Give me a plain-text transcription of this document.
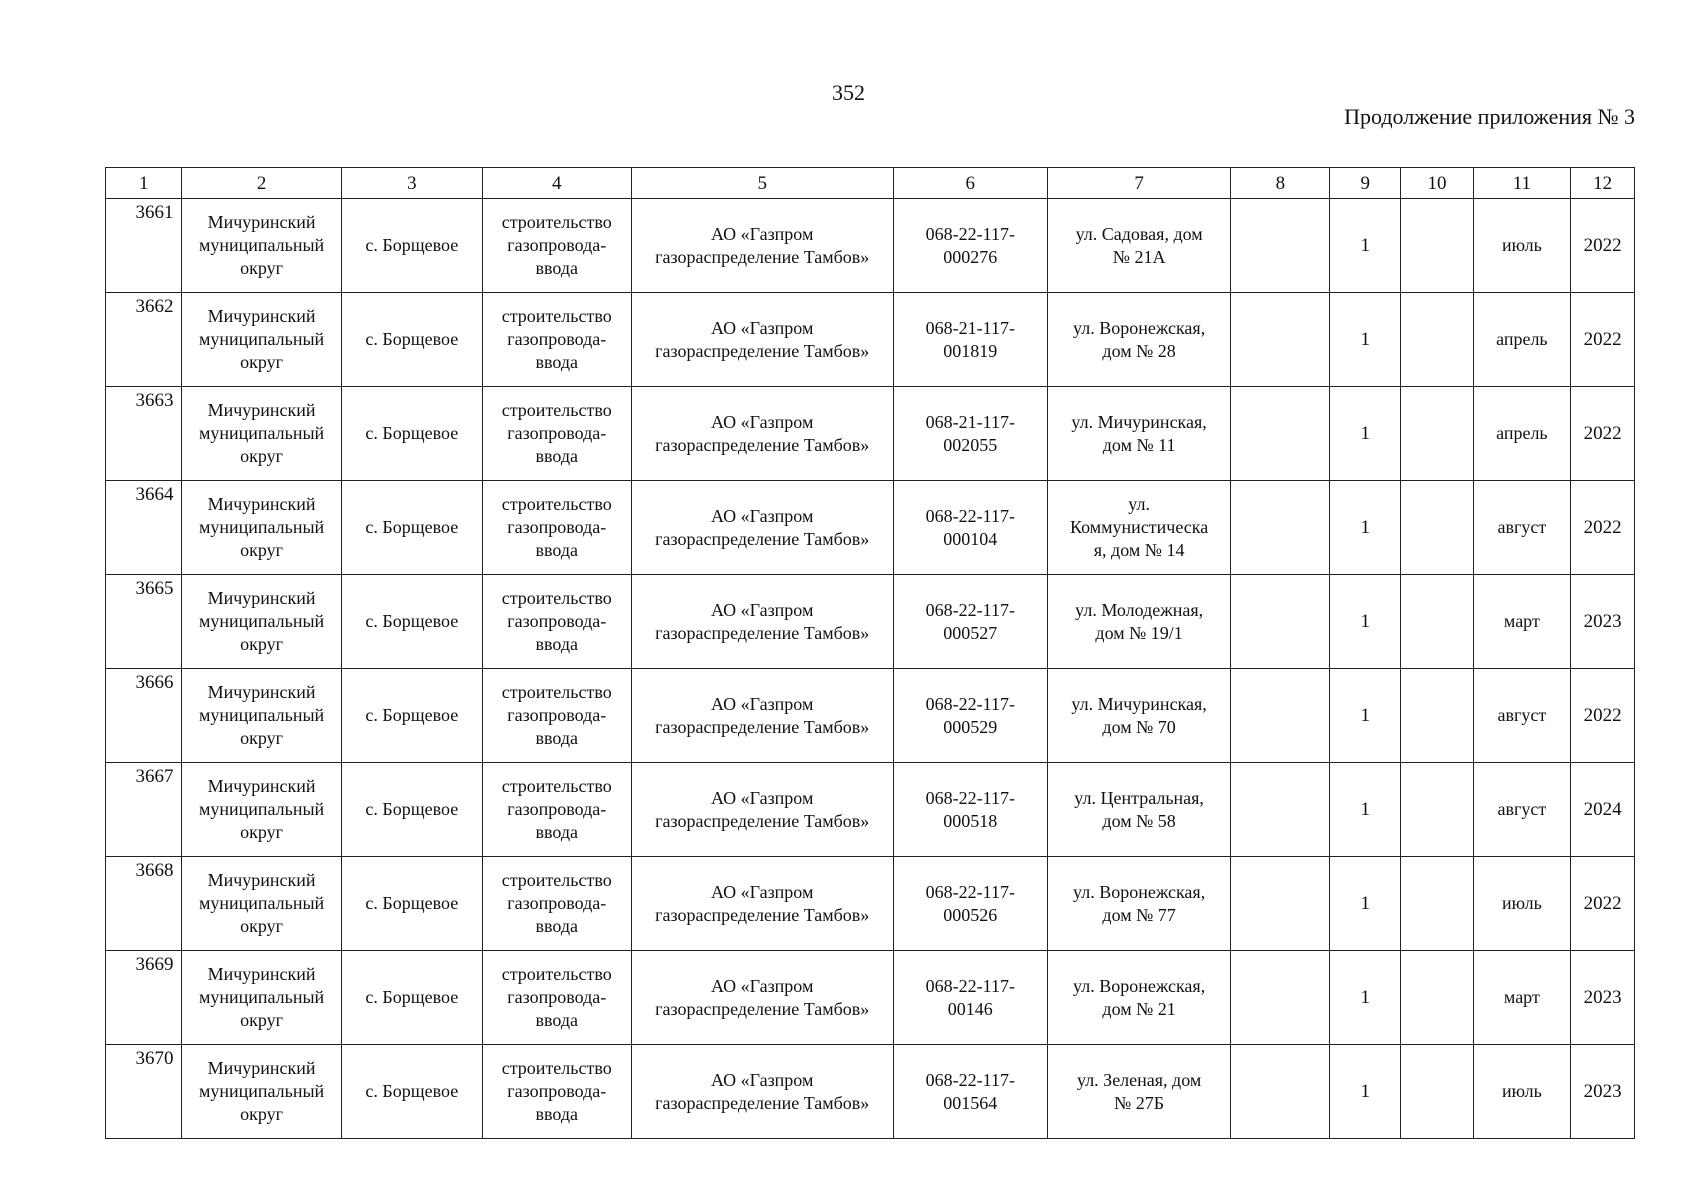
352
Продолжение приложения № 3
1	2	3	4	5	6	7	8	9	10	11	12
3661	Мичуринский
муниципальный
округ	с. Борщевое	строительство
газопровода-
ввода	АО «Газпром
газораспределение Тамбов»	068-22-117-
000276	ул. Садовая, дом
№ 21А		1		июль	2022
3662	Мичуринский
муниципальный
округ	с. Борщевое	строительство
газопровода-
ввода	АО «Газпром
газораспределение Тамбов»	068-21-117-
001819	ул. Воронежская,
дом № 28		1		апрель	2022
3663	Мичуринский
муниципальный
округ	с. Борщевое	строительство
газопровода-
ввода	АО «Газпром
газораспределение Тамбов»	068-21-117-
002055	ул. Мичуринская,
дом № 11		1		апрель	2022
3664	Мичуринский
муниципальный
округ	с. Борщевое	строительство
газопровода-
ввода	АО «Газпром
газораспределение Тамбов»	068-22-117-
000104	ул.
Коммунистическа
я, дом № 14		1		август	2022
3665	Мичуринский
муниципальный
округ	с. Борщевое	строительство
газопровода-
ввода	АО «Газпром
газораспределение Тамбов»	068-22-117-
000527	ул. Молодежная,
дом № 19/1		1		март	2023
3666	Мичуринский
муниципальный
округ	с. Борщевое	строительство
газопровода-
ввода	АО «Газпром
газораспределение Тамбов»	068-22-117-
000529	ул. Мичуринская,
дом № 70		1		август	2022
3667	Мичуринский
муниципальный
округ	с. Борщевое	строительство
газопровода-
ввода	АО «Газпром
газораспределение Тамбов»	068-22-117-
000518	ул. Центральная,
дом № 58		1		август	2024
3668	Мичуринский
муниципальный
округ	с. Борщевое	строительство
газопровода-
ввода	АО «Газпром
газораспределение Тамбов»	068-22-117-
000526	ул. Воронежская,
дом № 77		1		июль	2022
3669	Мичуринский
муниципальный
округ	с. Борщевое	строительство
газопровода-
ввода	АО «Газпром
газораспределение Тамбов»	068-22-117-
00146	ул. Воронежская,
дом № 21		1		март	2023
3670	Мичуринский
муниципальный
округ	с. Борщевое	строительство
газопровода-
ввода	АО «Газпром
газораспределение Тамбов»	068-22-117-
001564	ул. Зеленая, дом
№ 27Б		1		июль	2023
